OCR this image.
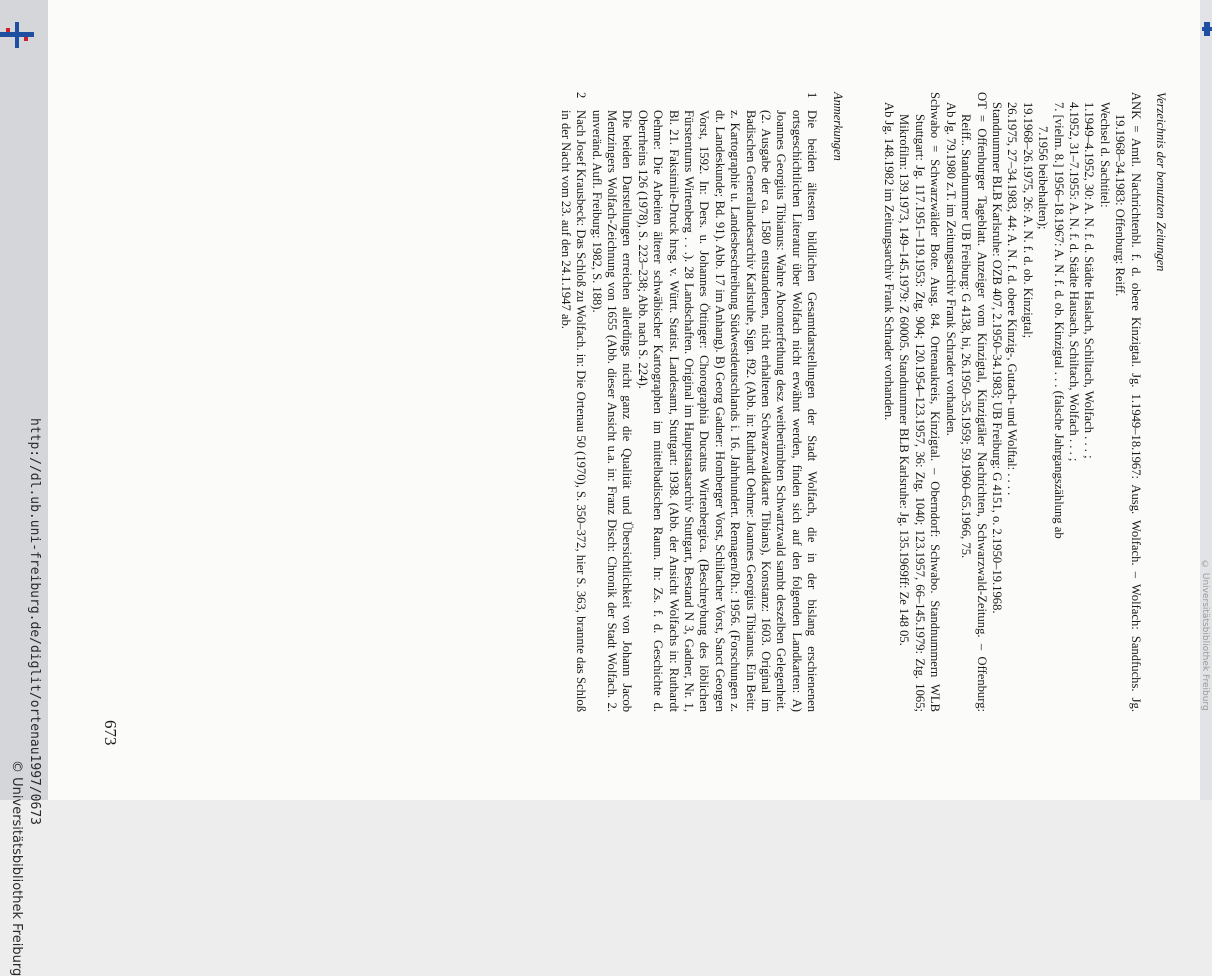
http://dl.ub.uni-freiburg.de/diglit/ortenau1997/0673
© Universitätsbibliothek Freiburg
Verzeichnis der benutzten Zeitungen

ANK = Amtl. Nachrichtenbl. f. d. obere Kinzigtal. Jg. 1.1949–18.1967: Ausg. Wolfach. – Wolfach: Sandfuchs. Jg. 19.1968–34.1983: Offenburg: Reiff.

Wechsel d. Sachtitel:

1.1949–4.1952, 30: A. N. f. d. Städte Haslach, Schiltach, Wolfach . . . ;

4.1952, 31–7.1955: A. N. f. d. Städte Hausach, Schiltach, Wolfach . . . ;

7. [vielm. 8.] 1956–18.1967: A. N. f. d. ob. Kinzigtal . . . (falsche Jahrgangszählung ab

7.1956 beibehalten);

19.1968–26.1975, 26: A. N. f. d. ob. Kinzigtal;

26.1975, 27–34.1983, 44: A. N. f. d. obere Kinzig-, Gutach- und Wolftal: . . . .

Standnummer BLB Karlsruhe: OZB 407, 2.1950–34.1983; UB Freiburg: G 4151, o. 2.1950–19.1968.

OT = Offenburger Tageblatt. Anzeiger vom Kinzigtal, Kinzigtäler Nachrichten, Schwarzwald-Zeitung. – Offenburg: Reiff.. Standnummer UB Freiburg: G 4138, bi, 26.1950–35.1959; 59.1960–65.1966, 75.

Ab Jg. 79.1980 z.T. im Zeitungsarchiv Frank Schrader vorhanden.

Schwabo = Schwarzwälder Bote. Ausg. 84. Ortenaukreis, Kinzigtal. – Oberndorf: Schwabo. Standnummern WLB Stuttgart: Jg. 117.1951–119.1953: Ztg. 904; 120.1954–123.1957, 36: Ztg. 1040; 123.1957, 66–145.1979: Ztg. 1065; Mikrofilm: 139.1973, 149–145.1979: Z 60005. Standnummer BLB Karlsruhe: Jg. 135.1969ff: Ze 148 05.

Ab Jg. 148.1982 im Zeitungsarchiv Frank Schrader vorhanden.

Anmerkungen
1
Die beiden ältesten bildlichen Gesamtdarstellungen der Stadt Wolfach, die in der bislang erschienenen ortsgeschichtlichen Literatur über Wolfach nicht erwähnt werden, finden sich auf den folgenden Landkarten: A) Joannes Georgius Tibianus: Wahre Abconterfethung desz weitberümbten Schwartzwald sambt deszelben Gelegenheit. (2. Ausgabe der ca. 1580 entstandenen, nicht erhaltenen Schwarzwaldkarte Tibians), Konstanz: 1603. Original im Badischen Generallandesarchiv Karlsruhe, Sign. f92. (Abb. in: Ruthardt Oehme: Joannes Georgius Tibianus. Ein Beitr. z. Kartographie u. Landesbeschreibung Südwestdeutschlands i. 16. Jahrhundert. Remagen/Rh.: 1956. (Forschungen z. dt. Landeskunde; Bd. 91). Abb. 17 im Anhang). B) Georg Gadner: Homberger Vorst, Schiltacher Vorst, Sanct Georgen Vorst, 1592. In: Ders. u. Johannes Öttinger: Chorographia Ducatus Wirtenbergica. (Beschreybung des löblichen Fürstentums Wirtenberg . . .). 28 Landschaften. Original im Hauptstaatsarchiv Stuttgart, Bestand N 3, Gadner, Nr. 1, Bl. 21. Faksimile-Druck hrsg. v. Württ. Statist. Landesamt, Stuttgart: 1938. (Abb. der Ansicht Wolfachs in: Ruthardt Oehme: Die Arbeiten älterer schwäbischer Kartographen im mittelbadischen Raum. In: Zs. f. d. Geschichte d. Oberrheins 126 (1978), S. 223–238; Abb. nach S. 224).
Die beiden Darstellungen erreichen allerdings nicht ganz die Qualität und Übersichtlichkeit von Johann Jacob Mentzingers Wolfach-Zeichnung von 1655 (Abb. dieser Ansicht u.a. in: Franz Disch: Chronik der Stadt Wolfach. 2. unveränd. Aufl. Freiburg: 1982, S. 188).
2
Nach Josef Krausbeck: Das Schloß zu Wolfach. in: Die Ortenau 50 (1970), S. 350–372, hier S. 363, brannte das Schloß in der Nacht vom 23. auf den 24.1.1947 ab.
673
© Universitätsbibliothek Freiburg
